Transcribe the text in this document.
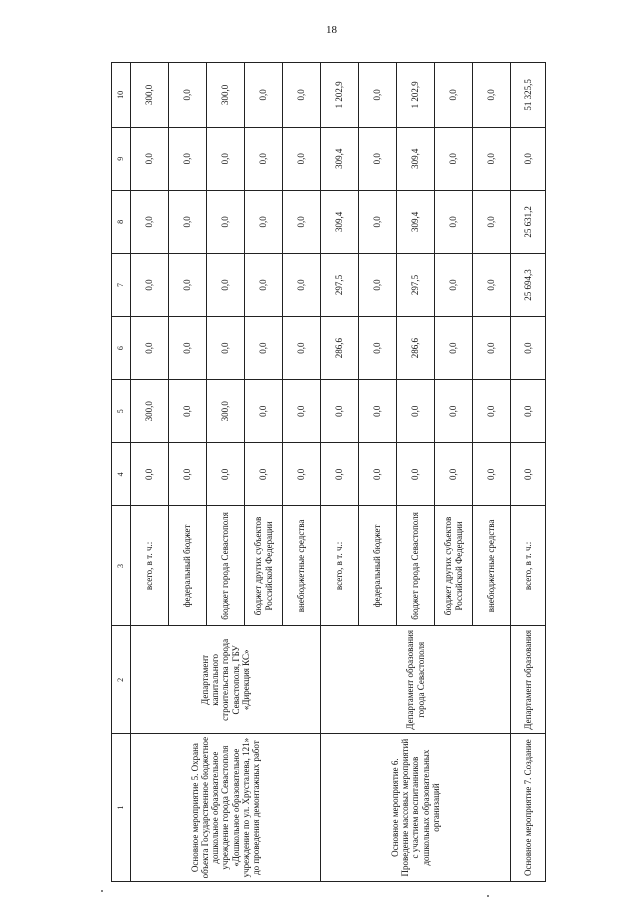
18
1	2	3	4	5	6	7	8	9	10
Основное мероприятие 5. Охрана объекта Государственное бюджетное дошкольное образовательное учреждение города Севастополя «Дошкольное образовательное учреждение по ул. Хрусталева, 121» до проведения демонтажных работ	Департамент капитального строительства города Севастополя, ГБУ «Дирекция КС»	всего, в т. ч.:	0,0	300,0	0,0	0,0	0,0	0,0	300,0
		федеральный бюджет	0,0	0,0	0,0	0,0	0,0	0,0	0,0
		бюджет города Севастополя	0,0	300,0	0,0	0,0	0,0	0,0	300,0
		бюджет других субъектов Российской Федерации	0,0	0,0	0,0	0,0	0,0	0,0	0,0
		внебюджетные средства	0,0	0,0	0,0	0,0	0,0	0,0	0,0
Основное мероприятие 6. Проведение массовых мероприятий с участием воспитанников дошкольных образовательных организаций	Департамент образования города Севастополя	всего, в т. ч.:	0,0	0,0	286,6	297,5	309,4	309,4	1 202,9
		федеральный бюджет	0,0	0,0	0,0	0,0	0,0	0,0	0,0
		бюджет города Севастополя	0,0	0,0	286,6	297,5	309,4	309,4	1 202,9
		бюджет других субъектов Российской Федерации	0,0	0,0	0,0	0,0	0,0	0,0	0,0
		внебюджетные средства	0,0	0,0	0,0	0,0	0,0	0,0	0,0
Основное мероприятие 7. Создание	Департамент образования	всего, в т. ч.:	0,0	0,0	0,0	25 694,3	25 631,2	0,0	51 325,5
